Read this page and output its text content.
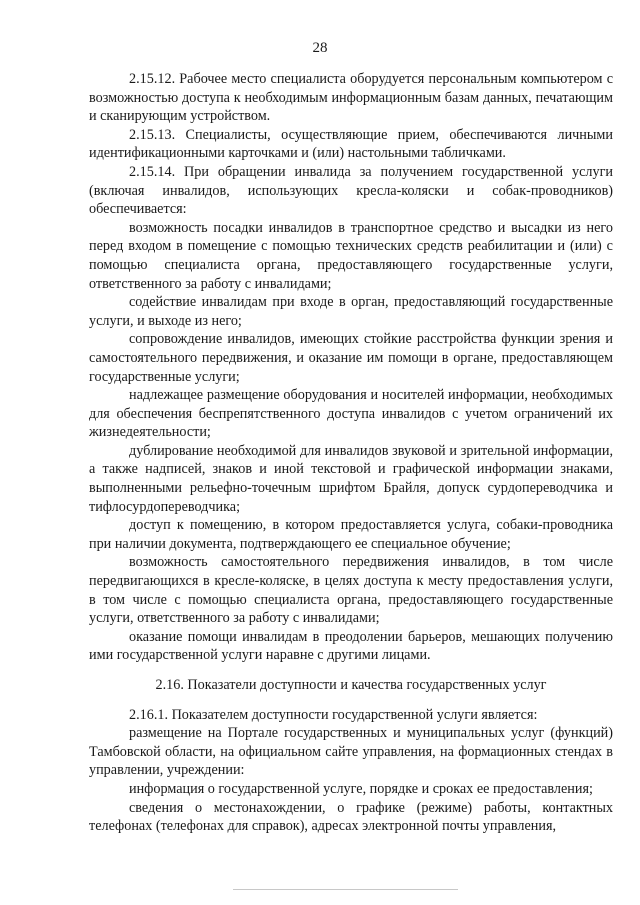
28

2.15.12. Рабочее место специалиста оборудуется персональным компьютером с возможностью доступа к необходимым информационным базам данных, печатающим и сканирующим устройством.

2.15.13. Специалисты, осуществляющие прием, обеспечиваются личными идентификационными карточками и (или) настольными табличками.

2.15.14. При обращении инвалида за получением государственной услуги (включая инвалидов, использующих кресла-коляски и собак-проводников) обеспечивается:

возможность посадки инвалидов в транспортное средство и высадки из него перед входом в помещение с помощью технических средств реабилитации и (или) с помощью специалиста органа, предоставляющего государственные услуги, ответственного за работу с инвалидами;

содействие инвалидам при входе в орган, предоставляющий государственные услуги, и выходе из него;

сопровождение инвалидов, имеющих стойкие расстройства функции зрения и самостоятельного передвижения, и оказание им помощи в органе, предоставляющем государственные услуги;

надлежащее размещение оборудования и носителей информации, необходимых для обеспечения беспрепятственного доступа инвалидов с учетом ограничений их жизнедеятельности;

дублирование необходимой для инвалидов звуковой и зрительной информации, а также надписей, знаков и иной текстовой и графической информации знаками, выполненными рельефно-точечным шрифтом Брайля, допуск сурдопереводчика и тифлосурдопереводчика;

доступ к помещению, в котором предоставляется услуга, собаки-проводника при наличии документа, подтверждающего ее специальное обучение;

возможность самостоятельного передвижения инвалидов, в том числе передвигающихся в кресле-коляске, в целях доступа к месту предоставления услуги, в том числе с помощью специалиста органа, предоставляющего государственные услуги, ответственного за работу с инвалидами;

оказание помощи инвалидам в преодолении барьеров, мешающих получению ими государственной услуги наравне с другими лицами.

2.16. Показатели доступности и качества государственных услуг

2.16.1. Показателем доступности государственной услуги является:

размещение на Портале государственных и муниципальных услуг (функций) Тамбовской области, на официальном сайте управления, на формационных стендах в управлении, учреждении:

информация о государственной услуге, порядке и сроках ее предоставления;

сведения о местонахождении, о графике (режиме) работы, контактных телефонах (телефонах для справок), адресах электронной почты управления,
